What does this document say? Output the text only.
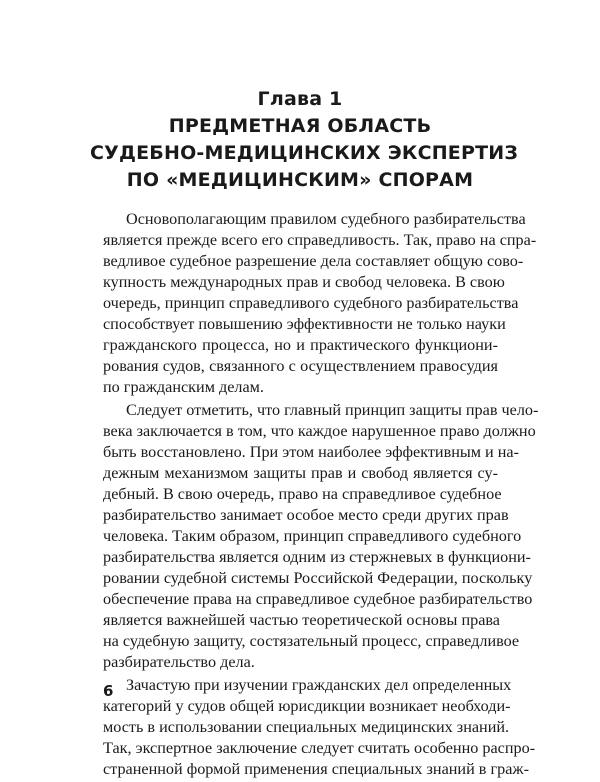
Глава 1
ПРЕДМЕТНАЯ ОБЛАСТЬ
СУДЕБНО-МЕДИЦИНСКИХ ЭКСПЕРТИЗ
ПО «МЕДИЦИНСКИМ» СПОРАМ
Основополагающим правилом судебного разбирательства
является прежде всего его справедливость. Так, право на спра-
ведливое судебное разрешение дела составляет общую сово-
купность международных прав и свобод человека. В свою
очередь, принцип справедливого судебного разбирательства
способствует повышению эффективности не только науки
гражданского процесса, но и практического функциони-
рования судов, связанного с осуществлением правосудия
по гражданским делам.
Следует отметить, что главный принцип защиты прав чело-
века заключается в том, что каждое нарушенное право должно
быть восстановлено. При этом наиболее эффективным и на-
дежным механизмом защиты прав и свобод является су-
дебный. В свою очередь, право на справедливое судебное
разбирательство занимает особое место среди других прав
человека. Таким образом, принцип справедливого судебного
разбирательства является одним из стержневых в функциони-
ровании судебной системы Российской Федерации, поскольку
обеспечение права на справедливое судебное разбирательство
является важнейшей частью теоретической основы права
на судебную защиту, состязательный процесс, справедливое
разбирательство дела.
Зачастую при изучении гражданских дел определенных
категорий у судов общей юрисдикции возникает необходи-
мость в использовании специальных медицинских знаний.
Так, экспертное заключение следует считать особенно распро-
страненной формой применения специальных знаний в граж-
6
